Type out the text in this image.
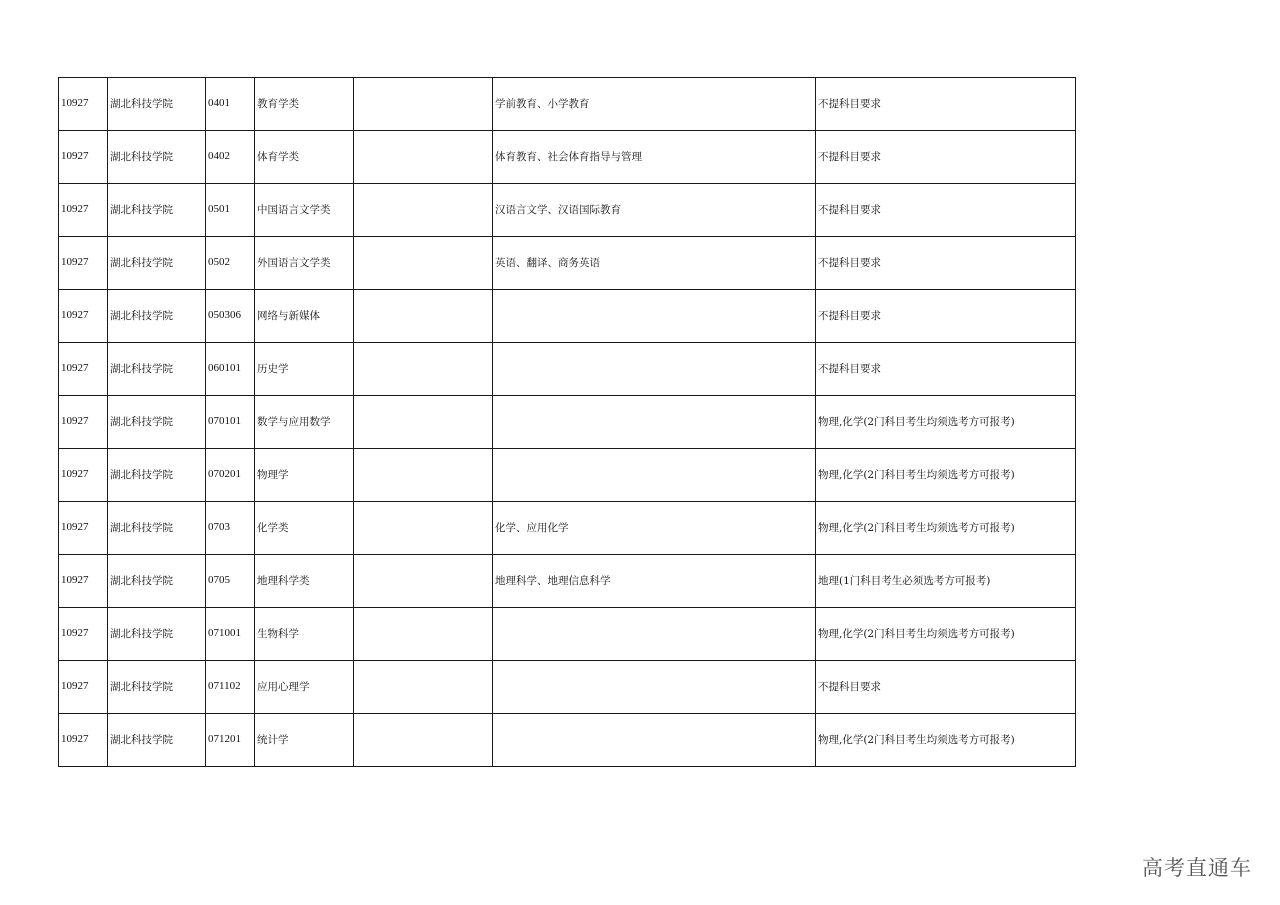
10927	湖北科技学院	0401	教育学类		学前教育、小学教育	不提科目要求
10927	湖北科技学院	0402	体育学类		体育教育、社会体育指导与管理	不提科目要求
10927	湖北科技学院	0501	中国语言文学类		汉语言文学、汉语国际教育	不提科目要求
10927	湖北科技学院	0502	外国语言文学类		英语、翻译、商务英语	不提科目要求
10927	湖北科技学院	050306	网络与新媒体			不提科目要求
10927	湖北科技学院	060101	历史学			不提科目要求
10927	湖北科技学院	070101	数学与应用数学			物理,化学(2门科目考生均须选考方可报考)
10927	湖北科技学院	070201	物理学			物理,化学(2门科目考生均须选考方可报考)
10927	湖北科技学院	0703	化学类		化学、应用化学	物理,化学(2门科目考生均须选考方可报考)
10927	湖北科技学院	0705	地理科学类		地理科学、地理信息科学	地理(1门科目考生必须选考方可报考)
10927	湖北科技学院	071001	生物科学			物理,化学(2门科目考生均须选考方可报考)
10927	湖北科技学院	071102	应用心理学			不提科目要求
10927	湖北科技学院	071201	统计学			物理,化学(2门科目考生均须选考方可报考)
高考直通车
